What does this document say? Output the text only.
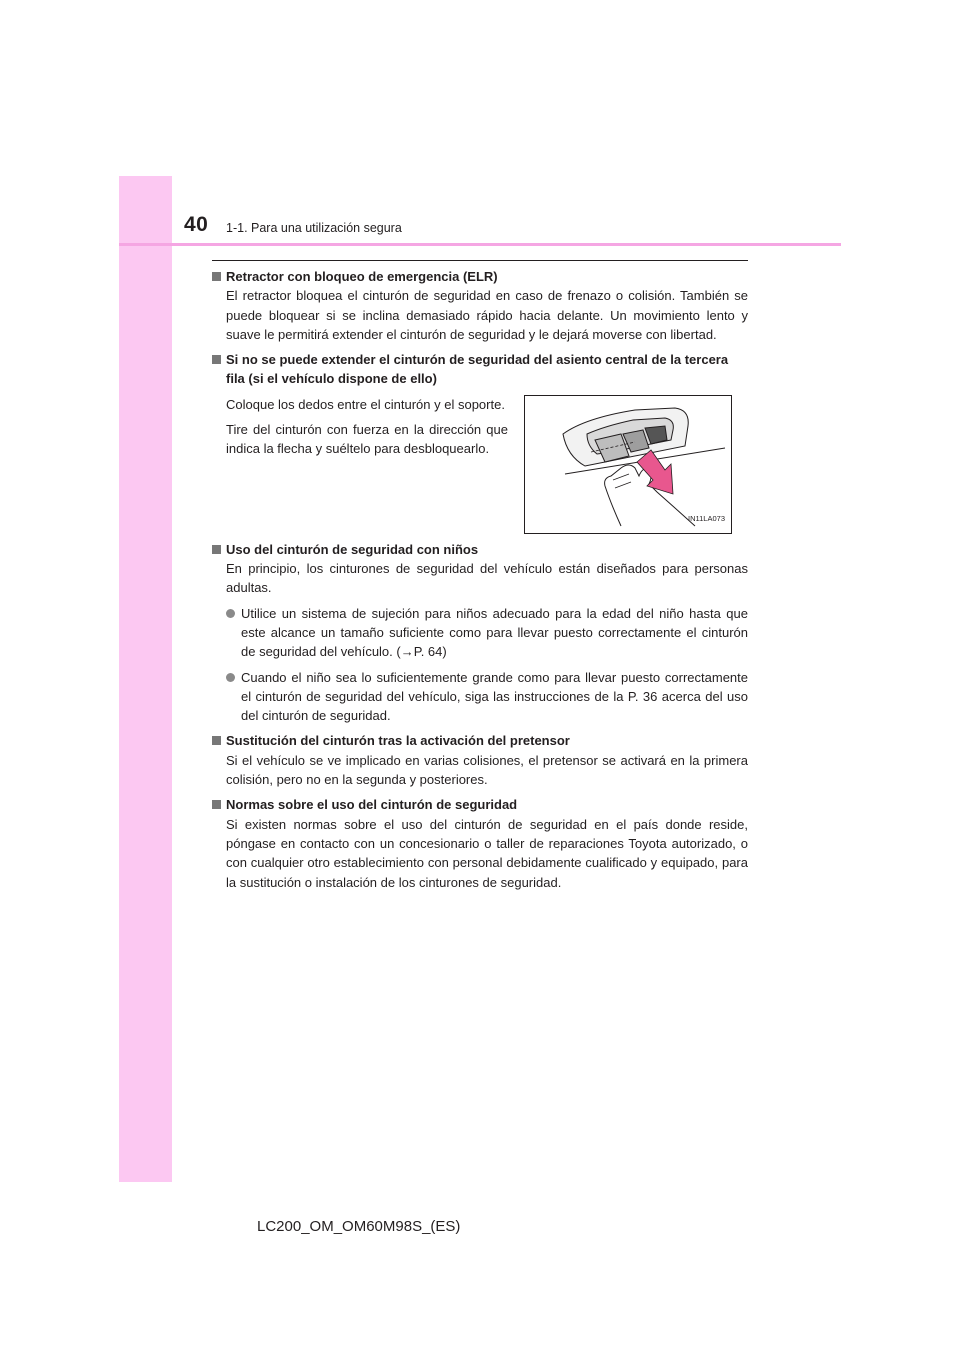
40 1-1. Para una utilización segura
Retractor con bloqueo de emergencia (ELR)
El retractor bloquea el cinturón de seguridad en caso de frenazo o colisión. También se puede bloquear si se inclina demasiado rápido hacia delante. Un movimiento lento y suave le permitirá extender el cinturón de seguridad y le dejará moverse con libertad.
Si no se puede extender el cinturón de seguridad del asiento central de la tercera fila (si el vehículo dispone de ello)
Coloque los dedos entre el cinturón y el soporte.
Tire del cinturón con fuerza en la dirección que indica la flecha y suéltelo para desbloquearlo.
IN11LA073
Uso del cinturón de seguridad con niños
En principio, los cinturones de seguridad del vehículo están diseñados para personas adultas.
Utilice un sistema de sujeción para niños adecuado para la edad del niño hasta que este alcance un tamaño suficiente como para llevar puesto correctamente el cinturón de seguridad del vehículo. (→P. 64)
Cuando el niño sea lo suficientemente grande como para llevar puesto correctamente el cinturón de seguridad del vehículo, siga las instrucciones de la P. 36 acerca del uso del cinturón de seguridad.
Sustitución del cinturón tras la activación del pretensor
Si el vehículo se ve implicado en varias colisiones, el pretensor se activará en la primera colisión, pero no en la segunda y posteriores.
Normas sobre el uso del cinturón de seguridad
Si existen normas sobre el uso del cinturón de seguridad en el país donde reside, póngase en contacto con un concesionario o taller de reparaciones Toyota autorizado, o con cualquier otro establecimiento con personal debidamente cualificado y equipado, para la sustitución o instalación de los cinturones de seguridad.
LC200_OM_OM60M98S_(ES)
